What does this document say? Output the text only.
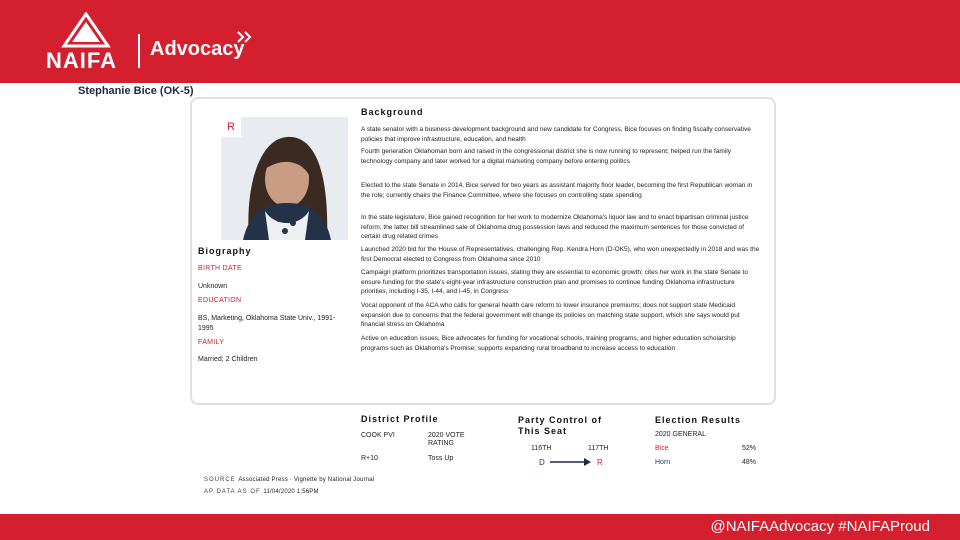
NAIFA Advocacy
Stephanie Bice (OK-5)
R
Biography
BIRTH DATE
Unknown
EDUCATION
BS, Marketing, Oklahoma State Univ., 1991-1995
FAMILY
Married; 2 Children
Background
A state senator with a business development background and new candidate for Congress, Bice focuses on finding fiscally conservative policies that improve infrastructure, education, and health
Fourth generation Oklahoman born and raised in the congressional district she is now running to represent; helped run the family technology company and later worked for a digital marketing company before entering politics
Elected to the state Senate in 2014, Bice served for two years as assistant majority floor leader, becoming the first Republican woman in the role; currently chairs the Finance Committee, where she focuses on controlling state spending
In the state legislature, Bice gained recognition for her work to modernize Oklahoma's liquor law and to enact bipartisan criminal justice reform; the latter bill streamlined sale of Oklahoma drug possession laws and reduced the maximum sentences for those convicted of certain drug related crimes
Launched 2020 bid for the House of Representatives, challenging Rep. Kendra Horn (D-OK5), who won unexpectedly in 2018 and was the first Democrat elected to Congress from Oklahoma since 2010
Campaign platform prioritizes transportation issues, stating they are essential to economic growth; cites her work in the state Senate to ensure funding for the state's eight-year infrastructure construction plan and promises to continue funding Oklahoma infrastructure priorities, including I-35, I-44, and I-45, in Congress
Vocal opponent of the ACA who calls for general health care reform to lower insurance premiums; does not support state Medicaid expansion due to concerns that the federal government will change its policies on matching state support, which she says would put financial stress on Oklahoma
Active on education issues, Bice advocates for funding for vocational schools, training programs, and higher education scholarship programs such as Oklahoma's Promise; supports expanding rural broadband to increase access to education
District Profile
COOK PVI	2020 VOTE RATING
R+10	Toss Up
Party Control of This Seat
116TH	117TH
D	R
Election Results
2020 GENERAL
Bice	52%
Horn	48%
SOURCE Associated Press · Vignette by National Journal
AP DATA AS OF 11/04/2020 1:56PM
@NAIFAAdvocacy #NAIFAProud
